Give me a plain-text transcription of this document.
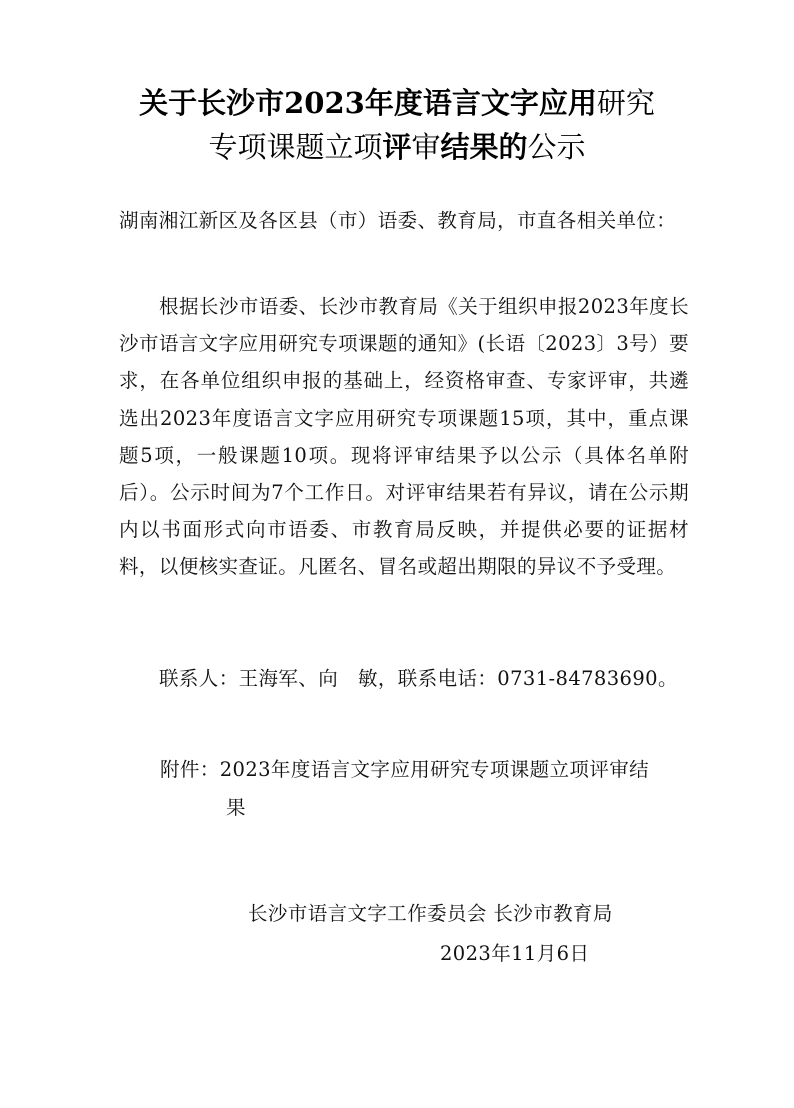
关于长沙市2023年度语言文字应用研究
专项课题立项评审结果的公示
湖南湘江新区及各区县（市）语委、教育局，市直各相关单位：
根据长沙市语委、长沙市教育局《关于组织申报2023年度长沙市语言文字应用研究专项课题的通知》(长语〔2023〕3号）要求，在各单位组织申报的基础上，经资格审查、专家评审，共遴选出2023年度语言文字应用研究专项课题15项，其中，重点课题5项，一般课题10项。现将评审结果予以公示（具体名单附后）。公示时间为7个工作日。对评审结果若有异议，请在公示期内以书面形式向市语委、市教育局反映，并提供必要的证据材料，以便核实查证。凡匿名、冒名或超出期限的异议不予受理。
联系人：王海军、向　敏，联系电话：0731-84783690。
附件：2023年度语言文字应用研究专项课题立项评审结
果
长沙市语言文字工作委员会 长沙市教育局
2023年11月6日
